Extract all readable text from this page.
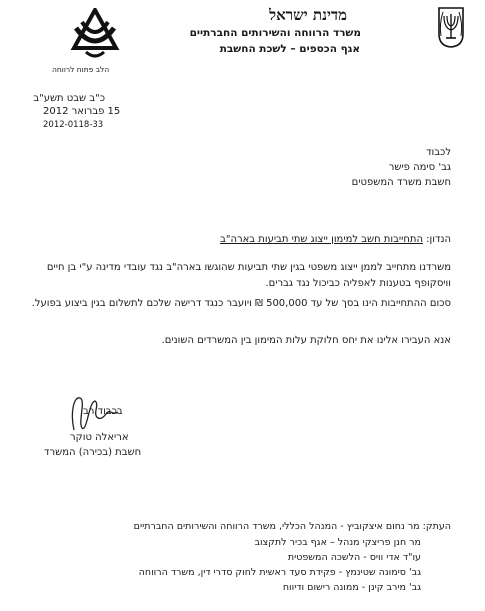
הלב פתוח לרווחה
מדינת ישראל
משרד הרווחה והשירותים החברתיים
אגף הכספים – לשכת החשבת
כ"ב שבט תשע"ב
15 פברואר 2012
2012-0118-33
לכבוד
גב' סימה פישר
חשבת משרד המשפטים
הנדון: התחייבות חשב למימון ייצוג שתי תביעות בארה"ב
משרדנו מתחייב לממן ייצוג משפטי בגין שתי תביעות שהוגשו בארה"ב נגד עובדי מדינה ע"י בן חיים וויסקופף בטענות לאפליה כביכול נגד גברים.
סכום ההתחייבות הינו בסך של עד 500,000 ₪ ויועבר כנגד דרישה שלכם לתשלום בגין ביצוע בפועל.
אנא העבירו אלינו את יחס חלוקת עלות המימון בין המשרדים השונים.
בכבוד רב
אריאלה טוקר
חשבת (בכירה) המשרד
העתק: מר נחום איצקוביץ - המנהל הכללי, משרד הרווחה והשירותים החברתיים
מר חנן פריצקי מנהל – אגף בכיר לתקצוב
עו"ד אדי וויס - הלשכה המשפטית
גב' סימונה שטינמץ - פקידת סעד ראשית לחוק סדרי דין, משרד הרווחה
גב' מירב קינן - ממונה רישום ודיווח
